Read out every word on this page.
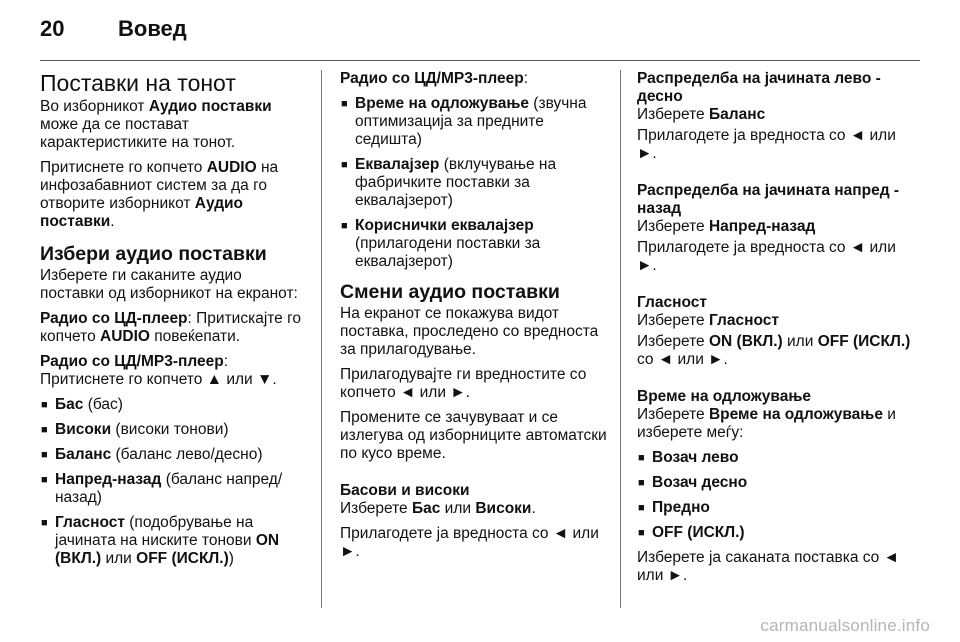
20	Вовед
Поставки на тонот

Во изборникот Аудио поставки може да се постават карактеристиките на тонот.

Притиснете го копчето AUDIO на инфозабавниот систем за да го отворите изборникот Аудио поставки.

Избери аудио поставки

Изберете ги саканите аудио поставки од изборникот на екранот:

Радио со ЦД-плеер: Притискајте го копчето AUDIO повеќепати.

Радио со ЦД/MP3-плеер:
Притиснете го копчето ▲ или ▼.

■ Бас (бас)
■ Високи (високи тонови)
■ Баланс (баланс лево/десно)
■ Напред-назад (баланс напред/назад)
■ Гласност (подобрување на јачината на ниските тонови ON (ВКЛ.) или OFF (ИСКЛ.))

Радио со ЦД/MP3-плеер:

■ Време на одложување (звучна оптимизација за предните седишта)
■ Еквалајзер (вклучување на фабричките поставки за еквалајзерот)
■ Кориснички еквалајзер (прилагодени поставки за еквалајзерот)
Смени аудио поставки

На екранот се покажува видот поставка, проследено со вредноста за прилагодување.

Прилагодувајте ги вредностите со копчето ◄ или ►.

Промените се зачувуваат и се излегува од изборниците автоматски по кусо време.

Басови и високи

Изберете Бас или Високи.

Прилагодете ја вредноста со ◄ или ►.

Распределба на јачината лево - десно

Изберете Баланс

Прилагодете ја вредноста со ◄ или ►.

Распределба на јачината напред - назад

Изберете Напред-назад

Прилагодете ја вредноста со ◄ или ►.

Гласност

Изберете Гласност

Изберете ON (ВКЛ.) или OFF (ИСКЛ.) со ◄ или ►.

Време на одложување

Изберете Време на одложување и изберете меѓу:

■ Возач лево
■ Возач десно
■ Предно
■ OFF (ИСКЛ.)

Изберете ја саканата поставка со ◄ или ►.

carmanualsonline.info
